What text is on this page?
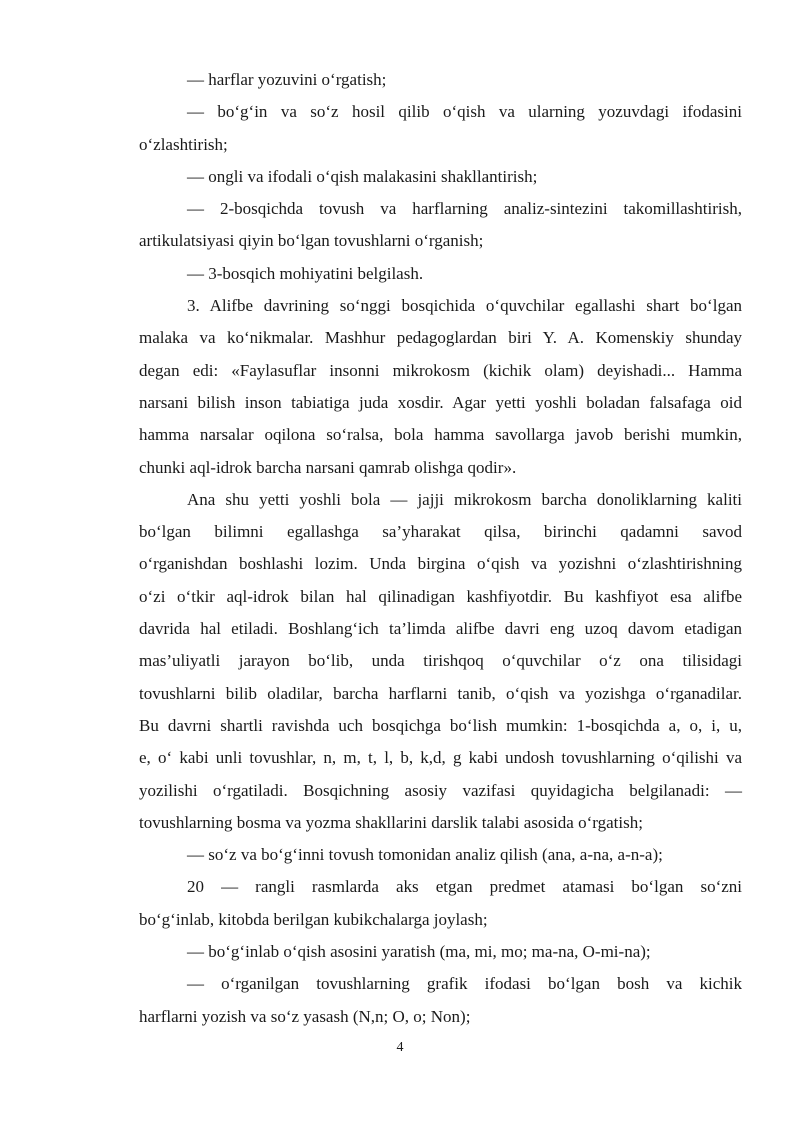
— harflar yozuvini o‘rgatish;
— bo‘g‘in va so‘z hosil qilib o‘qish va ularning yozuvdagi ifodasini
o‘zlashtirish;
— ongli va ifodali o‘qish malakasini shakllantirish;
— 2-bosqichda tovush va harflarning analiz-sintezini takomillashtirish,
artikulatsiyasi qiyin bo‘lgan tovushlarni o‘rganish;
— 3-bosqich mohiyatini belgilash.
3. Alifbe davrining so‘nggi bosqichida o‘quvchilar egallashi shart bo‘lgan
malaka va ko‘nikmalar. Mashhur pedagoglardan biri Y. A. Komenskiy shunday
degan edi: «Faylasuflar insonni mikrokosm (kichik olam) deyishadi... Hamma
narsani bilish inson tabiatiga juda xosdir. Agar yetti yoshli boladan falsafaga oid
hamma narsalar oqilona so‘ralsa, bola hamma savollarga javob berishi mumkin,
chunki aql-idrok barcha narsani qamrab olishga qodir».
Ana shu yetti yoshli bola — jajji mikrokosm barcha donoliklarning kaliti
bo‘lgan bilimni egallashga sa’yharakat qilsa, birinchi qadamni savod
o‘rganishdan boshlashi lozim. Unda birgina o‘qish va yozishni o‘zlashtirishning
o‘zi o‘tkir aql-idrok bilan hal qilinadigan kashfiyotdir. Bu kashfiyot esa alifbe
davrida hal etiladi. Boshlang‘ich ta’limda alifbe davri eng uzoq davom etadigan
mas’uliyatli jarayon bo‘lib, unda tirishqoq o‘quvchilar o‘z ona tilisidagi
tovushlarni bilib oladilar, barcha harflarni tanib, o‘qish va yozishga o‘rganadilar.
Bu davrni shartli ravishda uch bosqichga bo‘lish mumkin: 1-bosqichda a, o, i, u,
e, o‘ kabi unli tovushlar, n, m, t, l, b, k,d, g kabi undosh tovushlarning o‘qilishi va
yozilishi o‘rgatiladi. Bosqichning asosiy vazifasi quyidagicha belgilanadi: —
tovushlarning bosma va yozma shakllarini darslik talabi asosida o‘rgatish;
— so‘z va bo‘g‘inni tovush tomonidan analiz qilish (ana, a-na, a-n-a);
20 — rangli rasmlarda aks etgan predmet atamasi bo‘lgan so‘zni
bo‘g‘inlab, kitobda berilgan kubikchalarga joylash;
— bo‘g‘inlab o‘qish asosini yaratish (ma, mi, mo; ma-na, O-mi-na);
— o‘rganilgan tovushlarning grafik ifodasi bo‘lgan bosh va kichik
harflarni yozish va so‘z yasash (N,n; O, o; Non);
4
